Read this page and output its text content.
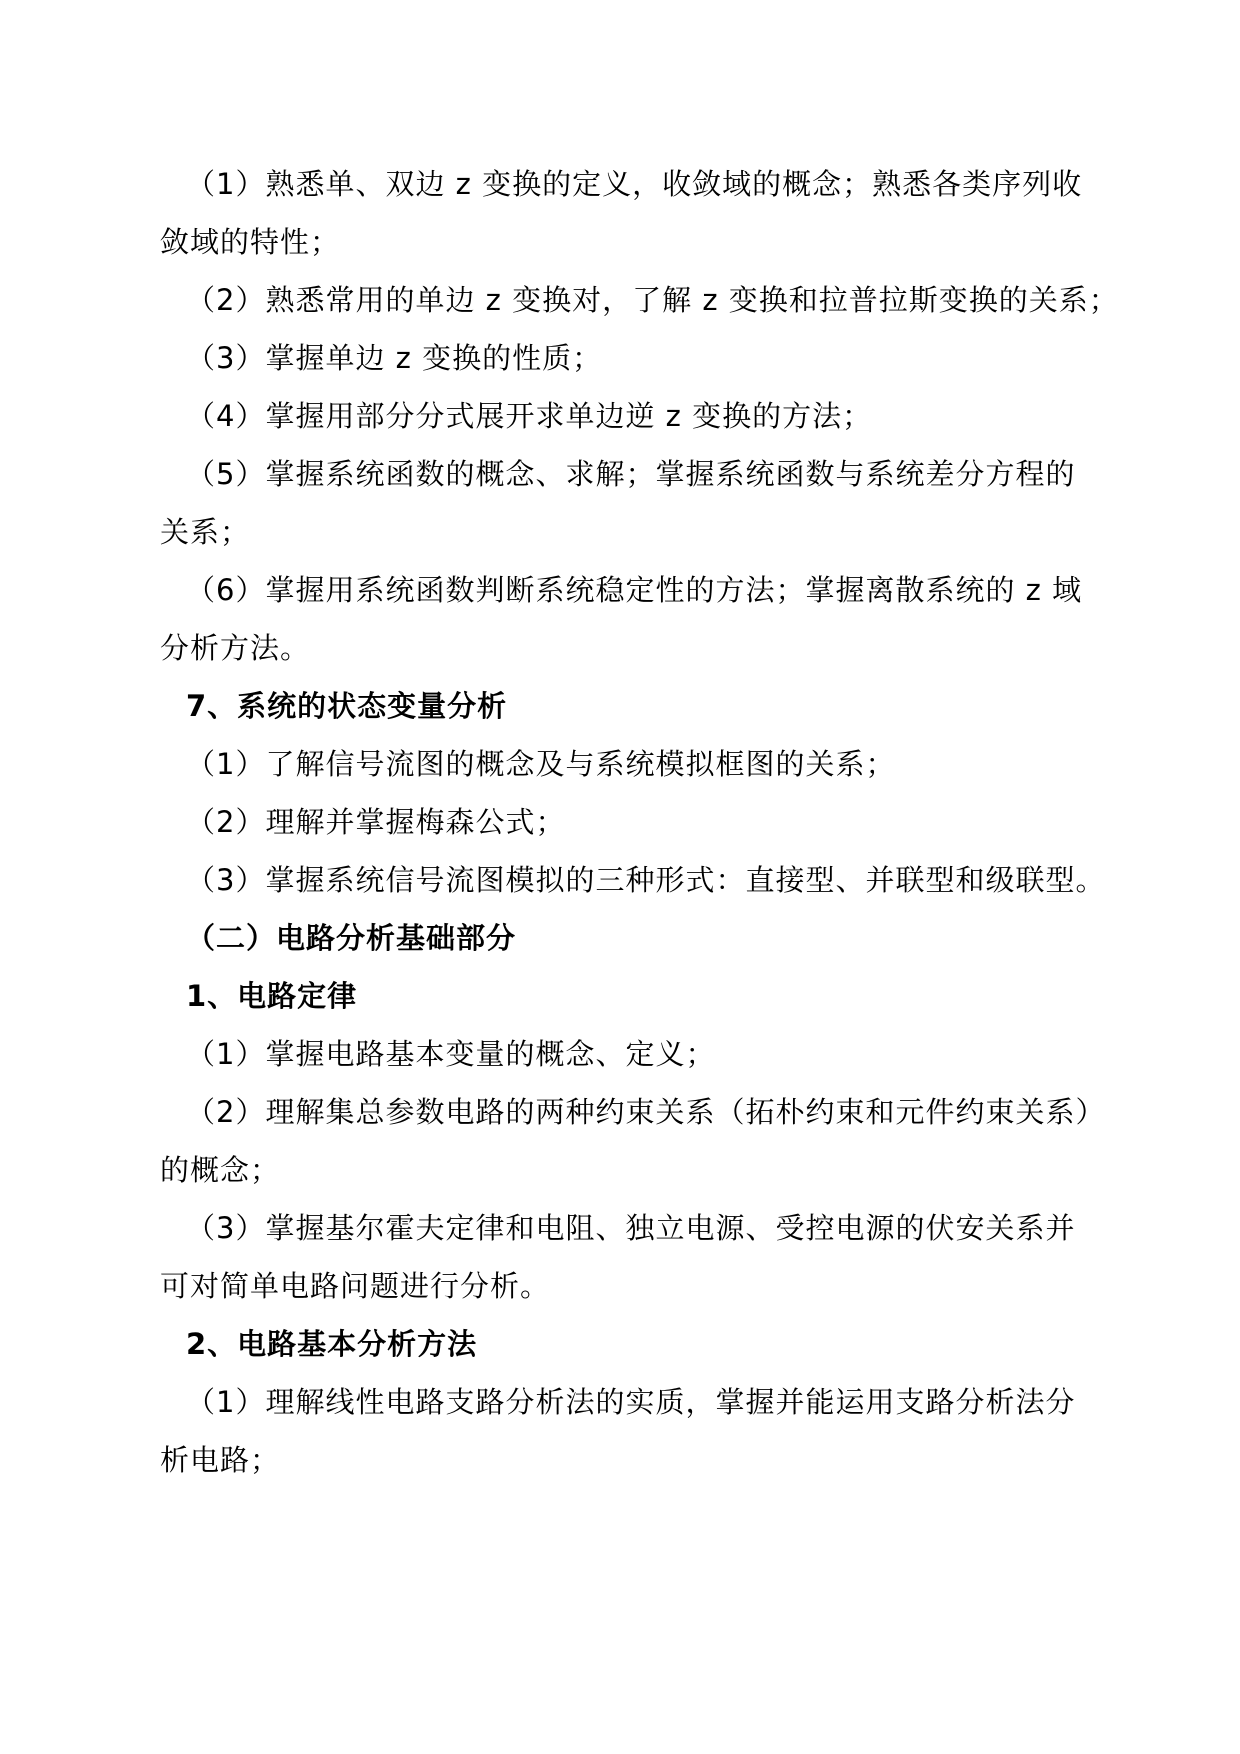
（1）熟悉单、双边 z 变换的定义，收敛域的概念；熟悉各类序列收

敛域的特性；

（2）熟悉常用的单边 z 变换对，了解 z 变换和拉普拉斯变换的关系；

（3）掌握单边 z 变换的性质；

（4）掌握用部分分式展开求单边逆 z 变换的方法；

（5）掌握系统函数的概念、求解；掌握系统函数与系统差分方程的

关系；

（6）掌握用系统函数判断系统稳定性的方法；掌握离散系统的 z 域

分析方法。

7、系统的状态变量分析

（1）了解信号流图的概念及与系统模拟框图的关系；

（2）理解并掌握梅森公式；

（3）掌握系统信号流图模拟的三种形式：直接型、并联型和级联型。

（二）电路分析基础部分

1、电路定律

（1）掌握电路基本变量的概念、定义；

（2）理解集总参数电路的两种约束关系（拓朴约束和元件约束关系）

的概念；

（3）掌握基尔霍夫定律和电阻、独立电源、受控电源的伏安关系并

可对简单电路问题进行分析。

2、电路基本分析方法

（1）理解线性电路支路分析法的实质，掌握并能运用支路分析法分

析电路；
